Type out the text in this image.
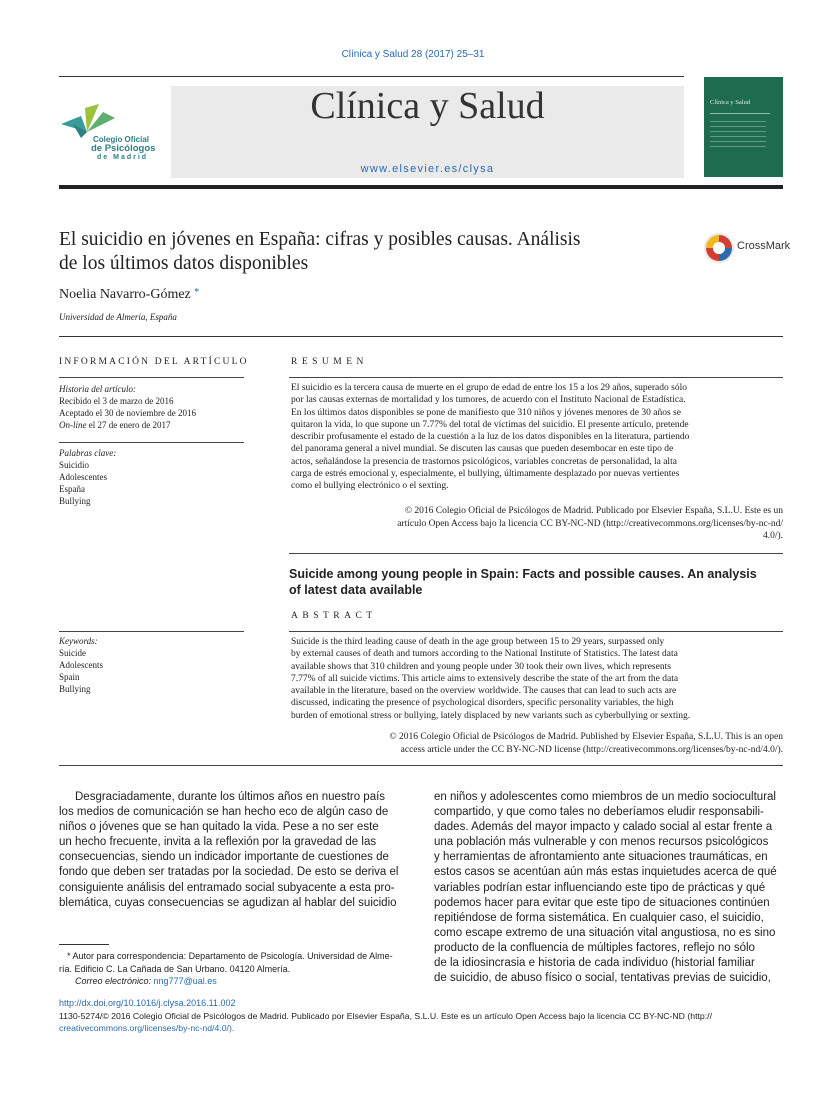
Clínica y Salud 28 (2017) 25–31
Colegio Oficial
de Psicólogos
de Madrid
Clínica y Salud
www.elsevier.es/clysa
Clínica y Salud
El suicidio en jóvenes en España: cifras y posibles causas. Análisis
de los últimos datos disponibles
CrossMark
Noelia Navarro-Gómez *
Universidad de Almería, España
INFORMACIÓN DEL ARTÍCULO
Historia del artículo:
Recibido el 3 de marzo de 2016
Aceptado el 30 de noviembre de 2016
On-line el 27 de enero de 2017
Palabras clave:
Suicidio
Adolescentes
España
Bullying
Keywords:
Suicide
Adolescents
Spain
Bullying
RESUMEN
El suicidio es la tercera causa de muerte en el grupo de edad de entre los 15 a los 29 años, superado sólo
por las causas externas de mortalidad y los tumores, de acuerdo con el Instituto Nacional de Estadística.
En los últimos datos disponibles se pone de manifiesto que 310 niños y jóvenes menores de 30 años se
quitaron la vida, lo que supone un 7.77% del total de víctimas del suicidio. El presente artículo, pretende
describir profusamente el estado de la cuestión a la luz de los datos disponibles en la literatura, partiendo
del panorama general a nivel mundial. Se discuten las causas que pueden desembocar en este tipo de
actos, señalándose la presencia de trastornos psicológicos, variables concretas de personalidad, la alta
carga de estrés emocional y, especialmente, el bullying, últimamente desplazado por nuevas vertientes
como el bullying electrónico o el sexting.
© 2016 Colegio Oficial de Psicólogos de Madrid. Publicado por Elsevier España, S.L.U. Este es un
artículo Open Access bajo la licencia CC BY-NC-ND (http://creativecommons.org/licenses/by-nc-nd/
4.0/).
Suicide among young people in Spain: Facts and possible causes. An analysis
of latest data available
ABSTRACT
Suicide is the third leading cause of death in the age group between 15 to 29 years, surpassed only
by external causes of death and tumors according to the National Institute of Statistics. The latest data
available shows that 310 children and young people under 30 took their own lives, which represents
7.77% of all suicide victims. This article aims to extensively describe the state of the art from the data
available in the literature, based on the overview worldwide. The causes that can lead to such acts are
discussed, indicating the presence of psychological disorders, specific personality variables, the high
burden of emotional stress or bullying, lately displaced by new variants such as cyberbullying or sexting.
© 2016 Colegio Oficial de Psicólogos de Madrid. Published by Elsevier España, S.L.U. This is an open
access article under the CC BY-NC-ND license (http://creativecommons.org/licenses/by-nc-nd/4.0/).
Desgraciadamente, durante los últimos años en nuestro país
los medios de comunicación se han hecho eco de algún caso de
niños o jóvenes que se han quitado la vida. Pese a no ser este
un hecho frecuente, invita a la reflexión por la gravedad de las
consecuencias, siendo un indicador importante de cuestiones de
fondo que deben ser tratadas por la sociedad. De esto se deriva el
consiguiente análisis del entramado social subyacente a esta pro-
blemática, cuyas consecuencias se agudizan al hablar del suicidio
en niños y adolescentes como miembros de un medio sociocultural
compartido, y que como tales no deberíamos eludir responsabili-
dades. Además del mayor impacto y calado social al estar frente a
una población más vulnerable y con menos recursos psicológicos
y herramientas de afrontamiento ante situaciones traumáticas, en
estos casos se acentúan aún más estas inquietudes acerca de qué
variables podrían estar influenciando este tipo de prácticas y qué
podemos hacer para evitar que este tipo de situaciones continúen
repitiéndose de forma sistemática. En cualquier caso, el suicidio,
como escape extremo de una situación vital angustiosa, no es sino
producto de la confluencia de múltiples factores, reflejo no sólo
de la idiosincrasia e historia de cada individuo (historial familiar
de suicidio, de abuso físico o social, tentativas previas de suicidio,
* Autor para correspondencia: Departamento de Psicología. Universidad de Alme-
ría. Edificio C. La Cañada de San Urbano. 04120 Almería.
Correo electrónico: nng777@ual.es
http://dx.doi.org/10.1016/j.clysa.2016.11.002
1130-5274/© 2016 Colegio Oficial de Psicólogos de Madrid. Publicado por Elsevier España, S.L.U. Este es un artículo Open Access bajo la licencia CC BY-NC-ND (http://
creativecommons.org/licenses/by-nc-nd/4.0/).
